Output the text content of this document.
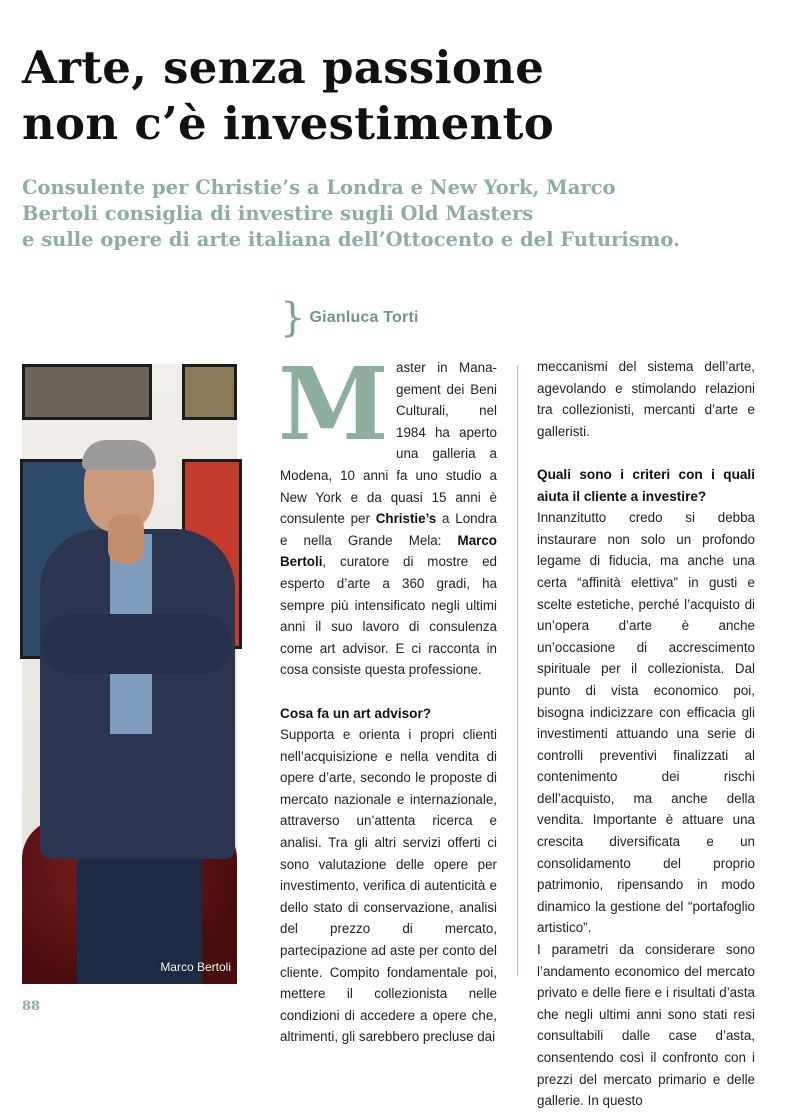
Arte, senza passione
non c’è investimento
Consulente per Christie’s a Londra e New York, Marco
Bertoli consiglia di investire sugli Old Masters
e sulle opere di arte italiana dell’Ottocento e del Futurismo.
} Gianluca Torti
Marco Bertoli
M aster in Mana-
gement dei Beni
Culturali, nel
1984 ha aperto
una galleria a

Modena, 10 anni fa uno studio a New York e da quasi 15 anni è consulente per Christie’s a Londra e nella Grande Mela: Marco Bertoli, curatore di mostre ed esperto d’arte a 360 gradi, ha sempre più intensificato negli ultimi anni il suo lavoro di consulenza come art advisor. E ci racconta in cosa consiste questa professione.

Cosa fa un art advisor?

Supporta e orienta i propri clienti nell’acquisizione e nella vendita di opere d’arte, secondo le proposte di mercato nazionale e internazionale, attraverso un’attenta ricerca e analisi. Tra gli altri servizi offerti ci sono valutazione delle opere per investimento, verifica di autenticità e dello stato di conservazione, analisi del prezzo di mercato, partecipazione ad aste per conto del cliente. Compito fondamentale poi, mettere il collezionista nelle condizioni di accedere a opere che, altrimenti, gli sarebbero precluse dai

meccanismi del sistema dell’arte, agevolando e stimolando relazioni tra collezionisti, mercanti d’arte e galleristi.

Quali sono i criteri con i quali aiuta il cliente a investire?

Innanzitutto credo si debba instaurare non solo un profondo legame di fiducia, ma anche una certa “affinità elettiva” in gusti e scelte estetiche, perché l’acquisto di un’opera d’arte è anche un’occasione di accrescimento spirituale per il collezionista. Dal punto di vista economico poi, bisogna indicizzare con efficacia gli investimenti attuando una serie di controlli preventivi finalizzati al contenimento dei rischi dell’acquisto, ma anche della vendita. Importante è attuare una crescita diversificata e un consolidamento del proprio patrimonio, ripensando in modo dinamico la gestione del “portafoglio artistico”.

I parametri da considerare sono l’andamento economico del mercato privato e delle fiere e i risultati d’asta che negli ultimi anni sono stati resi consultabili dalle case d’asta, consentendo così il confronto con i prezzi del mercato primario e delle gallerie. In questo

88
